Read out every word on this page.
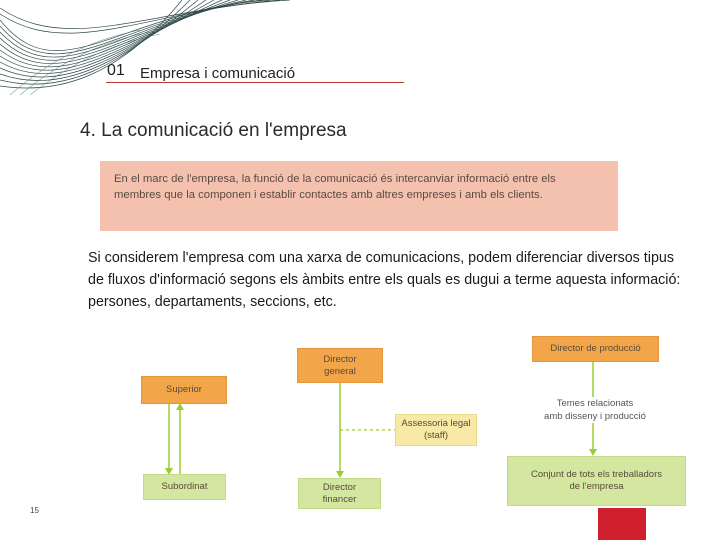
01 Empresa i comunicació
4. La comunicació en l'empresa
En el marc de l'empresa, la funció de la comunicació és intercanviar informació entre els membres que la componen i establir contactes amb altres empreses i amb els clients.
Si considerem l'empresa com una xarxa de comunicacions, podem diferenciar diversos tipus de fluxos d'informació segons els àmbits entre els quals es dugui a terme aquesta informació: persones, departaments, seccions, etc.
Superior
Subordinat
Director
general
Assessoria legal
(staff)
Director
financer
Director de producció
Temes relacionats
amb disseny i producció
Conjunt de tots els treballadors
de l'empresa
15
